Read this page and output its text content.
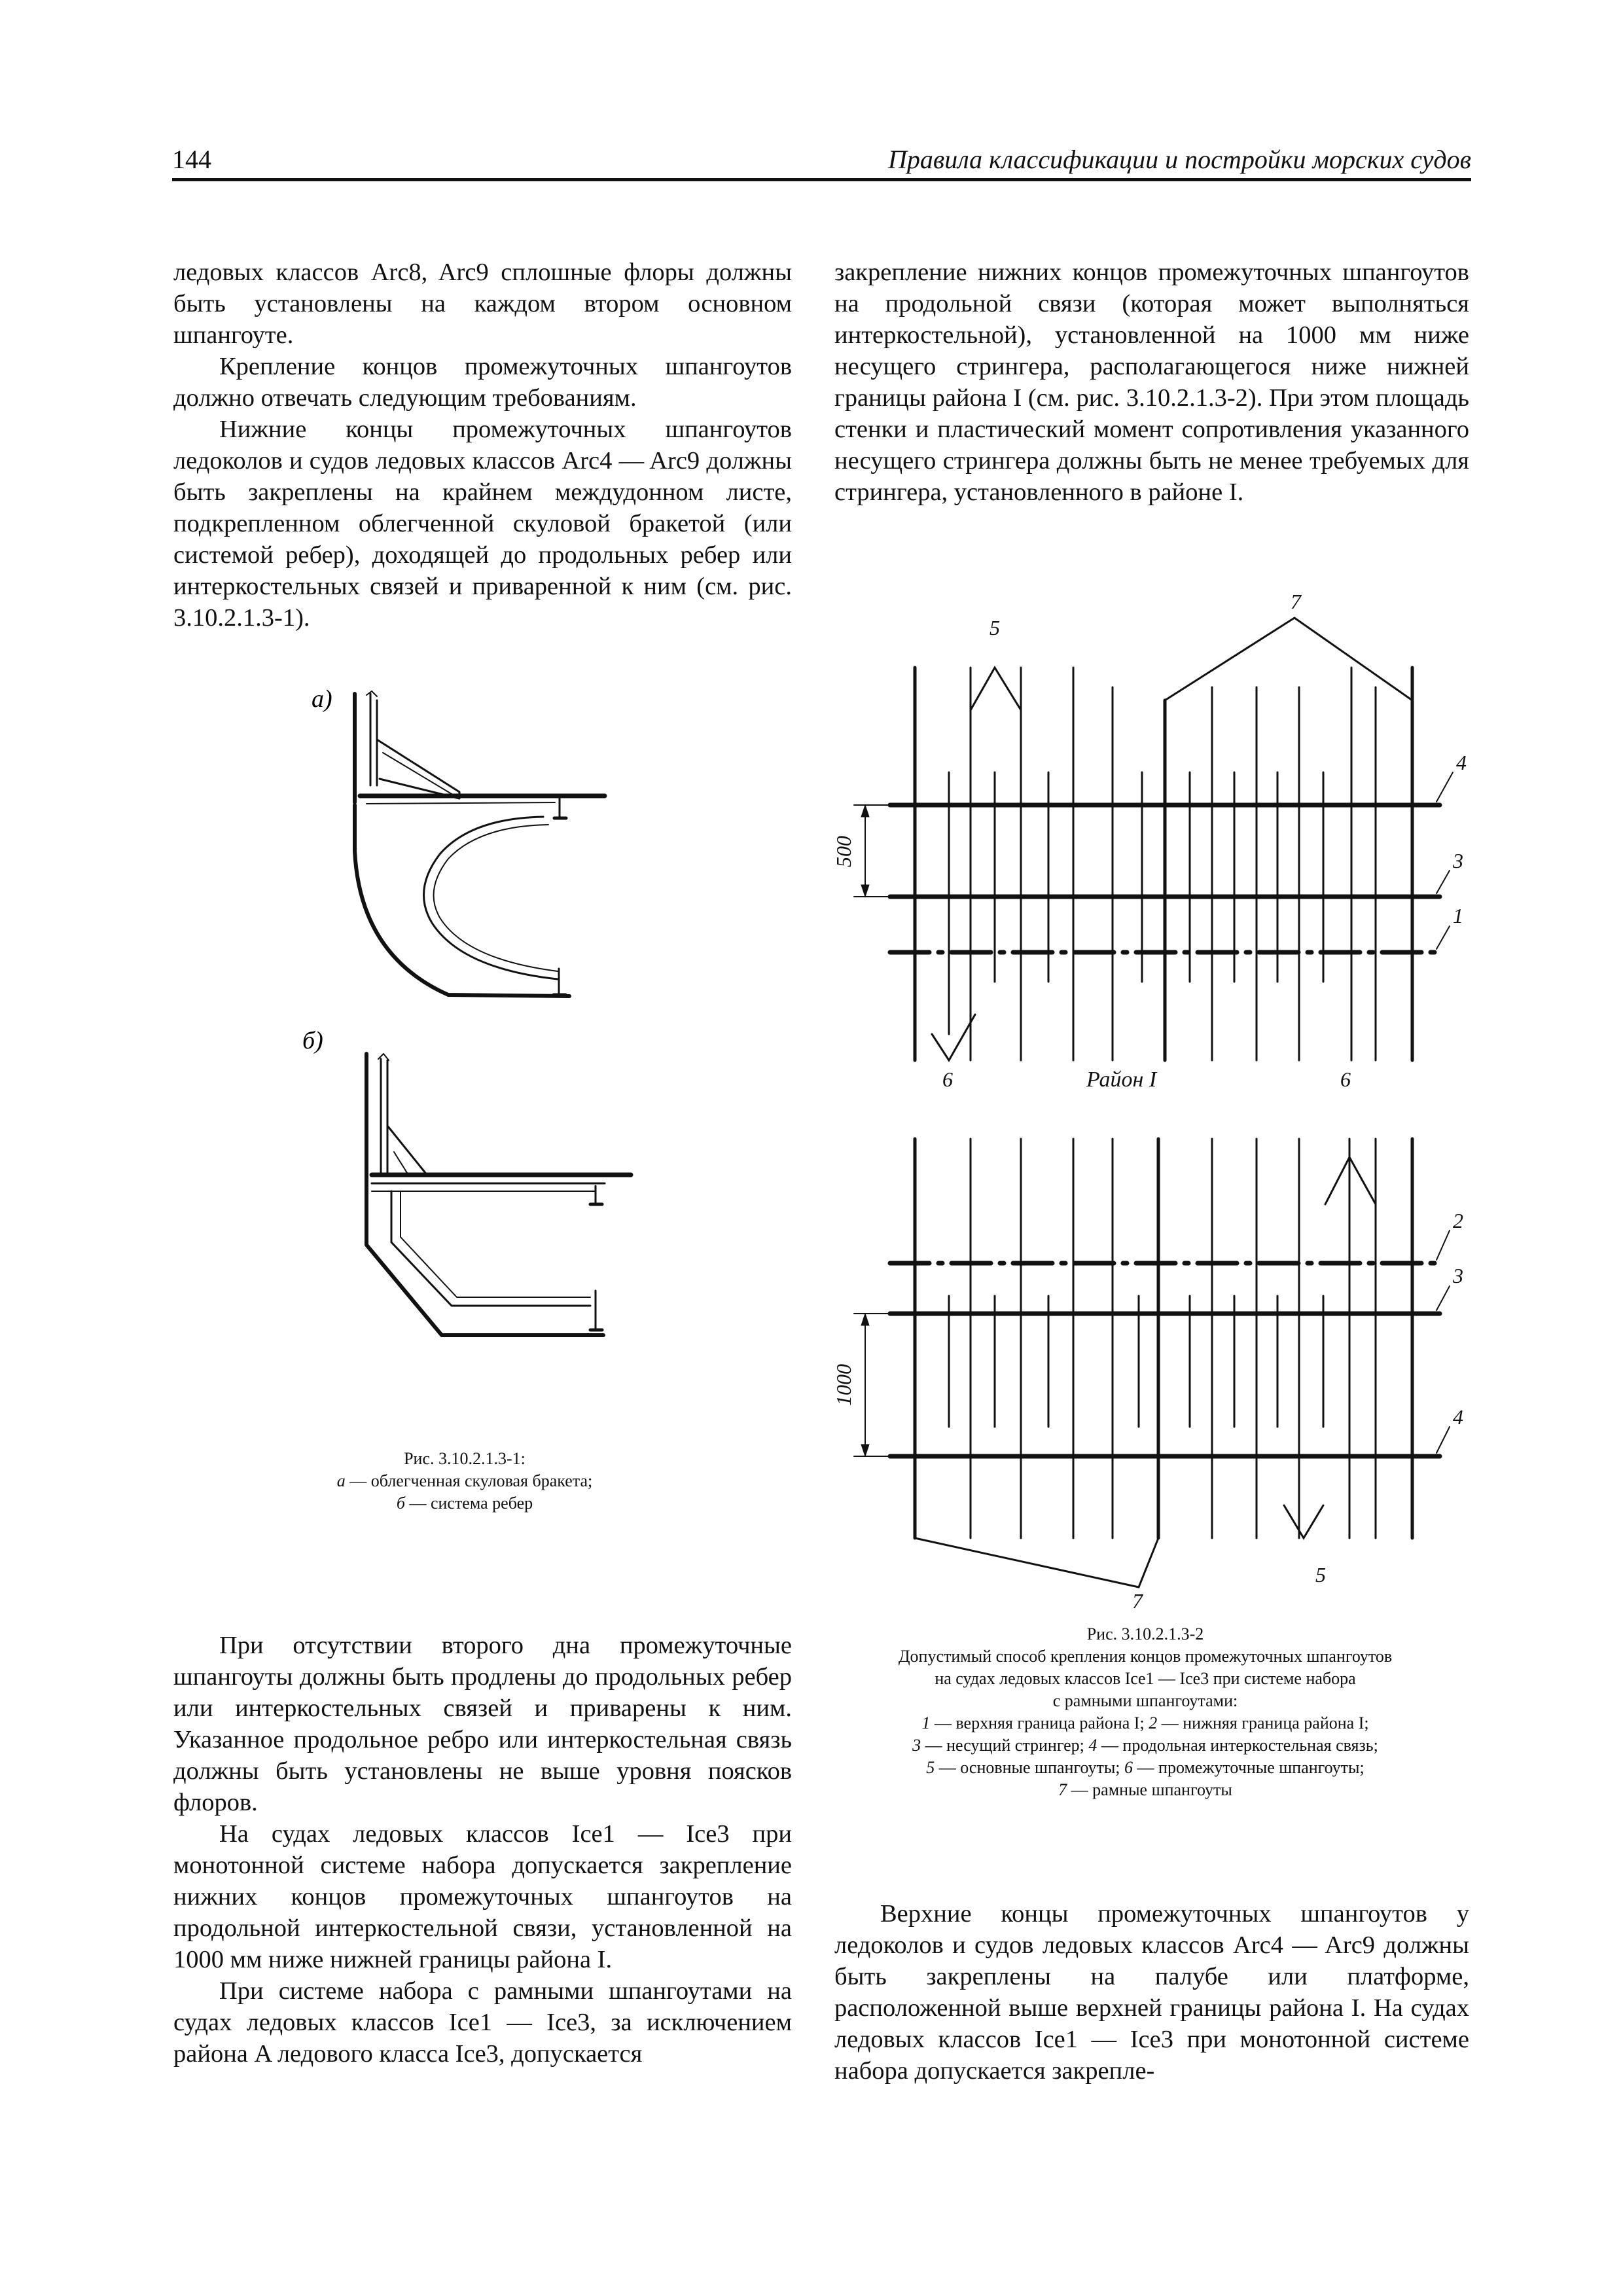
144	Правила классификации и постройки морских судов

ледовых классов Arc8, Arc9 сплошные флоры должны быть установлены на каждом втором основном шпангоуте.

Крепление концов промежуточных шпангоутов должно отвечать следующим требованиям.

Нижние концы промежуточных шпангоутов ледоколов и судов ледовых классов Arc4 — Arc9 должны быть закреплены на крайнем междудонном листе, подкрепленном облегченной скуловой бракетой (или системой ребер), доходящей до продольных ребер или интеркостельных связей и приваренной к ним (см. рис. 3.10.2.1.3-1).

закрепление нижних концов промежуточных шпангоутов на продольной связи (которая может выполняться интеркостельной), установленной на 1000 мм ниже несущего стрингера, располагающегося ниже нижней границы района I (см. рис. 3.10.2.1.3-2). При этом площадь стенки и пластический момент сопротивления указанного несущего стрингера должны быть не менее требуемых для стрингера, установленного в районе I.

а)
б)
Рис. 3.10.2.1.3-1:
а — облегченная скуловая бракета;
б — система ребер
4
3
1
5
7
6	Район I	6
2
3
4
7
5
500
1000
Рис. 3.10.2.1.3-2
Допустимый способ крепления концов промежуточных шпангоутов
на судах ледовых классов Ice1 — Ice3 при системе набора
с рамными шпангоутами:
1 — верхняя граница района I; 2 — нижняя граница района I;
3 — несущий стрингер; 4 — продольная интеркостельная связь;
5 — основные шпангоуты; 6 — промежуточные шпангоуты;
7 — рамные шпангоуты

При отсутствии второго дна промежуточные шпангоуты должны быть продлены до продольных ребер или интеркостельных связей и приварены к ним. Указанное продольное ребро или интеркостельная связь должны быть установлены не выше уровня поясков флоров.

На судах ледовых классов Ice1 — Ice3 при монотонной системе набора допускается закрепление нижних концов промежуточных шпангоутов на продольной интеркостельной связи, установленной на 1000 мм ниже нижней границы района I.

При системе набора с рамными шпангоутами на судах ледовых классов Ice1 — Ice3, за исключением района A ледового класса Ice3, допускается

Верхние концы промежуточных шпангоутов у ледоколов и судов ледовых классов Arc4 — Arc9 должны быть закреплены на палубе или платформе, расположенной выше верхней границы района I. На судах ледовых классов Ice1 — Ice3 при монотонной системе набора допускается закрепле-
